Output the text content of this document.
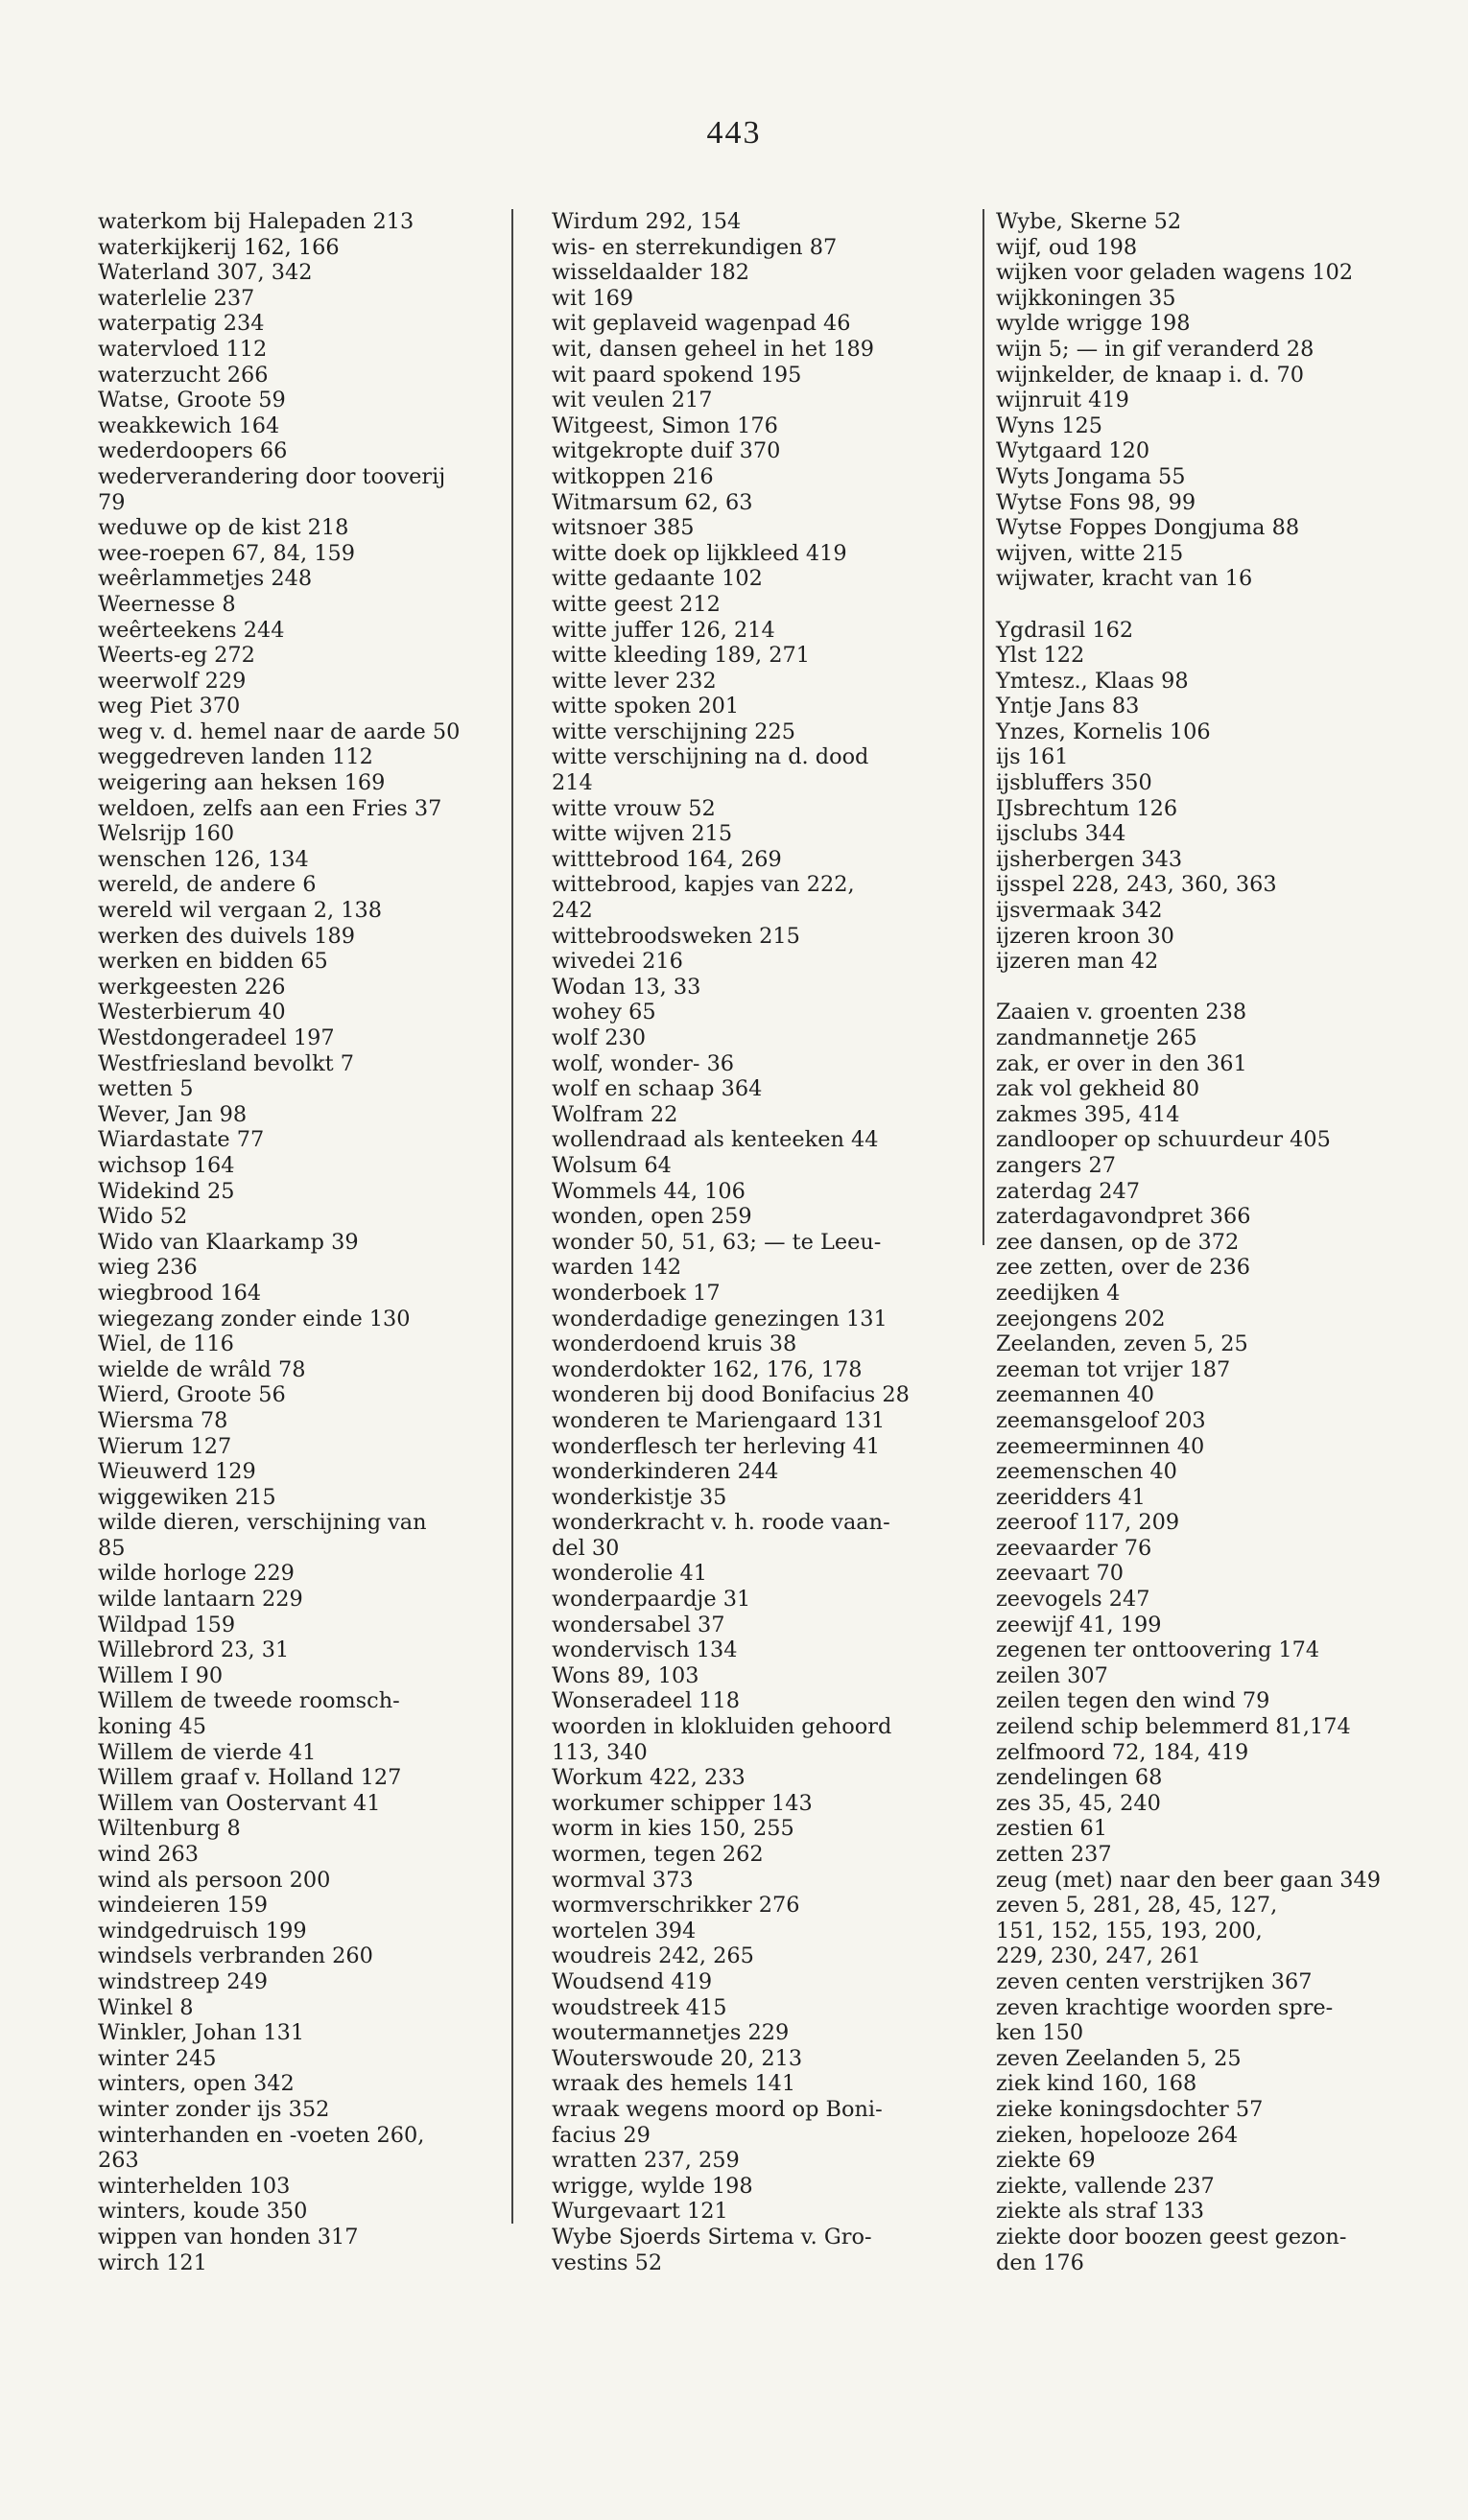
443
waterkom bij Halepaden 213
waterkijkerij 162, 166
Waterland 307, 342
waterlelie 237
waterpatig 234
watervloed 112
waterzucht 266
Watse, Groote 59
weakkewich 164
wederdoopers 66
wederverandering door tooverij
79
weduwe op de kist 218
wee-roepen 67, 84, 159
weêrlammetjes 248
Weernesse 8
weêrteekens 244
Weerts-eg 272
weerwolf 229
weg Piet 370
weg v. d. hemel naar de aarde 50
weggedreven landen 112
weigering aan heksen 169
weldoen, zelfs aan een Fries 37
Welsrijp 160
wenschen 126, 134
wereld, de andere 6
wereld wil vergaan 2, 138
werken des duivels 189
werken en bidden 65
werkgeesten 226
Westerbierum 40
Westdongeradeel 197
Westfriesland bevolkt 7
wetten 5
Wever, Jan 98
Wiardastate 77
wichsop 164
Widekind 25
Wido 52
Wido van Klaarkamp 39
wieg 236
wiegbrood 164
wiegezang zonder einde 130
Wiel, de 116
wielde de wrâld 78
Wierd, Groote 56
Wiersma 78
Wierum 127
Wieuwerd 129
wiggewiken 215
wilde dieren, verschijning van
85
wilde horloge 229
wilde lantaarn 229
Wildpad 159
Willebrord 23, 31
Willem I 90
Willem de tweede roomsch-
koning 45
Willem de vierde 41
Willem graaf v. Holland 127
Willem van Oostervant 41
Wiltenburg 8
wind 263
wind als persoon 200
windeieren 159
windgedruisch 199
windsels verbranden 260
windstreep 249
Winkel 8
Winkler, Johan 131
winter 245
winters, open 342
winter zonder ijs 352
winterhanden en -voeten 260,
263
winterhelden 103
winters, koude 350
wippen van honden 317
wirch 121
Wirdum 292, 154
wis- en sterrekundigen 87
wisseldaalder 182
wit 169
wit geplaveid wagenpad 46
wit, dansen geheel in het 189
wit paard spokend 195
wit veulen 217
Witgeest, Simon 176
witgekropte duif 370
witkoppen 216
Witmarsum 62, 63
witsnoer 385
witte doek op lijkkleed 419
witte gedaante 102
witte geest 212
witte juffer 126, 214
witte kleeding 189, 271
witte lever 232
witte spoken 201
witte verschijning 225
witte verschijning na d. dood
214
witte vrouw 52
witte wijven 215
witttebrood 164, 269
wittebrood, kapjes van 222,
242
wittebroodsweken 215
wivedei 216
Wodan 13, 33
wohey 65
wolf 230
wolf, wonder- 36
wolf en schaap 364
Wolfram 22
wollendraad als kenteeken 44
Wolsum 64
Wommels 44, 106
wonden, open 259
wonder 50, 51, 63; — te Leeu-
warden 142
wonderboek 17
wonderdadige genezingen 131
wonderdoend kruis 38
wonderdokter 162, 176, 178
wonderen bij dood Bonifacius 28
wonderen te Mariengaard 131
wonderflesch ter herleving 41
wonderkinderen 244
wonderkistje 35
wonderkracht v. h. roode vaan-
del 30
wonderolie 41
wonderpaardje 31
wondersabel 37
wondervisch 134
Wons 89, 103
Wonseradeel 118
woorden in klokluiden gehoord
113, 340
Workum 422, 233
workumer schipper 143
worm in kies 150, 255
wormen, tegen 262
wormval 373
wormverschrikker 276
wortelen 394
woudreis 242, 265
Woudsend 419
woudstreek 415
woutermannetjes 229
Wouterswoude 20, 213
wraak des hemels 141
wraak wegens moord op Boni-
facius 29
wratten 237, 259
wrigge, wylde 198
Wurgevaart 121
Wybe Sjoerds Sirtema v. Gro-
vestins 52
Wybe, Skerne 52
wijf, oud 198
wijken voor geladen wagens 102
wijkkoningen 35
wylde wrigge 198
wijn 5; — in gif veranderd 28
wijnkelder, de knaap i. d. 70
wijnruit 419
Wyns 125
Wytgaard 120
Wyts Jongama 55
Wytse Fons 98, 99
Wytse Foppes Dongjuma 88
wijven, witte 215
wijwater, kracht van 16
Ygdrasil 162
Ylst 122
Ymtesz., Klaas 98
Yntje Jans 83
Ynzes, Kornelis 106
ijs 161
ijsbluffers 350
IJsbrechtum 126
ijsclubs 344
ijsherbergen 343
ijsspel 228, 243, 360, 363
ijsvermaak 342
ijzeren kroon 30
ijzeren man 42
Zaaien v. groenten 238
zandmannetje 265
zak, er over in den 361
zak vol gekheid 80
zakmes 395, 414
zandlooper op schuurdeur 405
zangers 27
zaterdag 247
zaterdagavondpret 366
zee dansen, op de 372
zee zetten, over de 236
zeedijken 4
zeejongens 202
Zeelanden, zeven 5, 25
zeeman tot vrijer 187
zeemannen 40
zeemansgeloof 203
zeemeerminnen 40
zeemenschen 40
zeeridders 41
zeeroof 117, 209
zeevaarder 76
zeevaart 70
zeevogels 247
zeewijf 41, 199
zegenen ter onttoovering 174
zeilen 307
zeilen tegen den wind 79
zeilend schip belemmerd 81,174
zelfmoord 72, 184, 419
zendelingen 68
zes 35, 45, 240
zestien 61
zetten 237
zeug (met) naar den beer gaan 349
zeven 5, 281, 28, 45, 127,
151, 152, 155, 193, 200,
229, 230, 247, 261
zeven centen verstrijken 367
zeven krachtige woorden spre-
ken 150
zeven Zeelanden 5, 25
ziek kind 160, 168
zieke koningsdochter 57
zieken, hopelooze 264
ziekte 69
ziekte, vallende 237
ziekte als straf 133
ziekte door boozen geest gezon-
den 176
